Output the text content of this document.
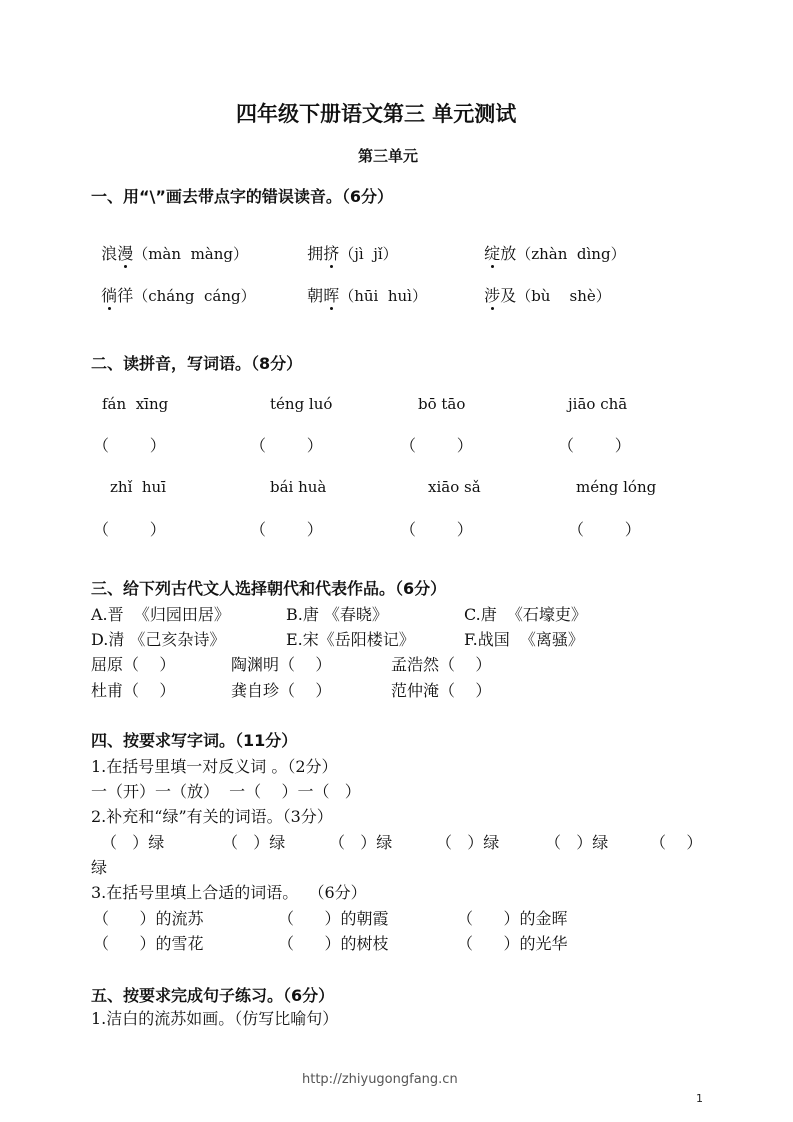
四年级下册语文第三 单元测试
第三单元
一、用“\”画去带点字的错误读音。（6分）

浪漫（màn  màng）	拥挤（jì  jǐ）	绽放（zhàn  dìng）

徜徉（cháng  cáng）	朝晖（hūi  huì）	涉及（bù    shè）

二、读拼音，写词语。（8分）
fán  xīng	téng luó	bō tāo	jiāo chā
（        ）	（        ）	（        ）	（        ）
zhǐ  huī	bái huà	xiāo sǎ	méng lóng
（        ）	（        ）	（        ）	（        ）
三、给下列古代文人选择朝代和代表作品。（6分）
A.晋  《归园田居》	B.唐 《春晓》	C.唐  《石壕吏》
D.清 《己亥杂诗》	E.宋《岳阳楼记》	F.战国  《离骚》
屈原（    ）	陶渊明（    ）	孟浩然（    ）
杜甫（    ）	龚自珍（    ）	范仲淹（    ）
四、按要求写字词。（11分）
1.在括号里填一对反义词 。（2分）
一（开）一（放）  一（    ）一（   ）
2.补充和“绿”有关的词语。（3分）
（   ）绿	（   ）绿	（   ）绿	（   ）绿	（   ）绿	（    ）
绿
3.在括号里填上合适的词语。  （6分）
（      ）的流苏	（      ）的朝霞	（      ）的金晖
（      ）的雪花	（      ）的树枝	（      ）的光华
五、按要求完成句子练习。（6分）
1.洁白的流苏如画。（仿写比喻句）
http://zhiyugongfang.cn
1
